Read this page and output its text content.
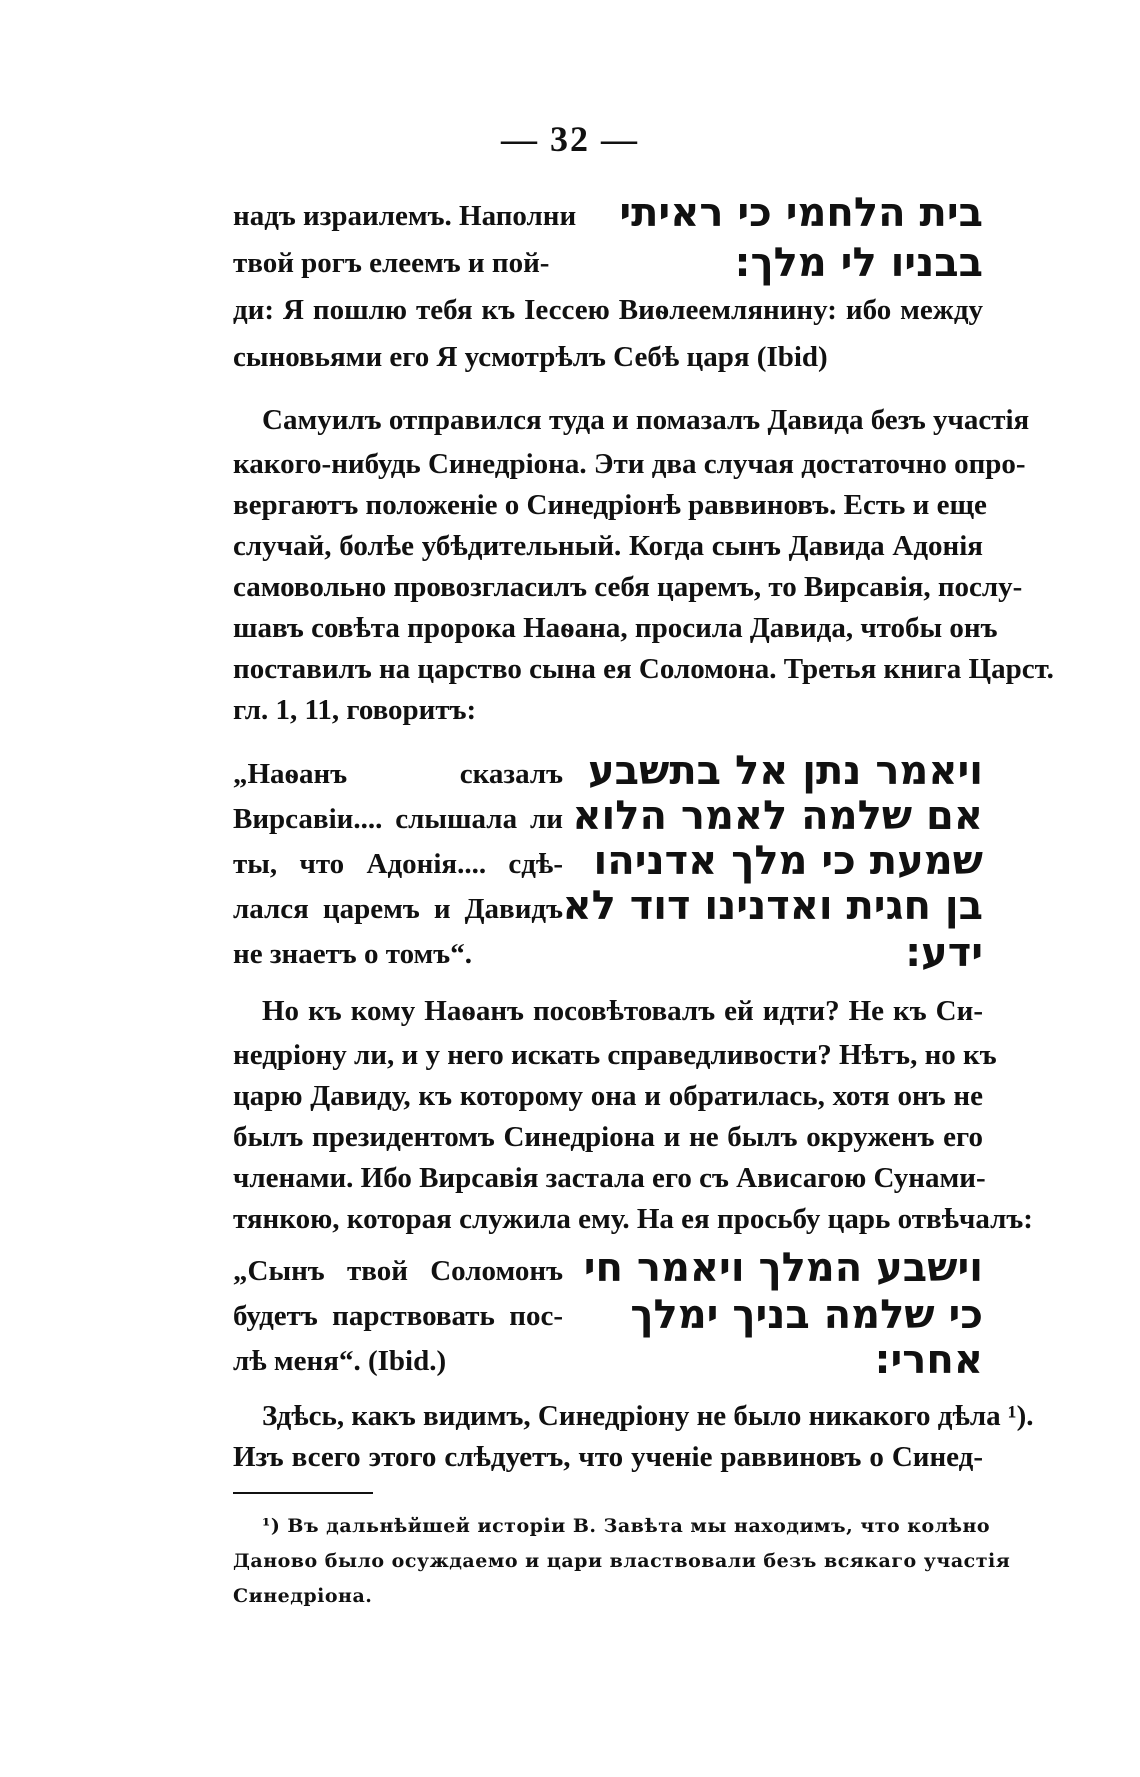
— 32 —
надъ израилемъ. Наполни
твой рогъ елеемъ и пой-
בית הלחמי כי ראיתי
בבניו לי מלך:
ди: Я пошлю тебя къ Іессею Виѳлеемлянину: ибо между
сыновьями его Я усмотрѣлъ Себѣ царя (Ibid)
Самуилъ отправился туда и помазалъ Давида безъ участія
какого-нибудь Синедріона. Эти два случая достаточно опро-
вергаютъ положеніе о Синедріонѣ раввиновъ. Есть и еще
случай, болѣе убѣдительный. Когда сынъ Давида Адонія
самовольно провозгласилъ себя царемъ, то Вирсавія, послу-
шавъ совѣта пророка Наѳана, просила Давида, чтобы онъ
поставилъ на царство сына ея Соломона. Третья книга Царст.
гл. 1, 11, говоритъ:
„Наѳанъ сказалъ
Вирсавіи.... слышала ли
ты, что Адонія.... сдѣ-
лался царемъ и Давидъ
не знаетъ о томъ“.
ויאמר נתן אל בתשבע
אם שלמה לאמר הלוא
שמעת כי מלך אדניהו
בן חגית ואדנינו דוד לא
ידע:
Но къ кому Наѳанъ посовѣтовалъ ей идти? Не къ Си-
недріону ли, и у него искать справедливости? Нѣтъ, но къ
царю Давиду, къ которому она и обратилась, хотя онъ не
былъ президентомъ Синедріона и не былъ окруженъ его
членами. Ибо Вирсавія застала его съ Ависагою Сунами-
тянкою, которая служила ему. На ея просьбу царь отвѣчалъ:
„Сынъ твой Соломонъ
будетъ парствовать пос-
лѣ меня“. (Ibid.)
וישבע המלך ויאמר חי
כי שלמה בניך ימלך
אחרי:
Здѣсь, какъ видимъ, Синедріону не было никакого дѣла ¹).
Изъ всего этого слѣдуетъ, что ученіе раввиновъ о Синед-
¹) Въ дальнѣйшей исторіи В. Завѣта мы находимъ, что колѣно
Даново было осуждаемо и цари властвовали безъ всякаго участія
Синедріона.
